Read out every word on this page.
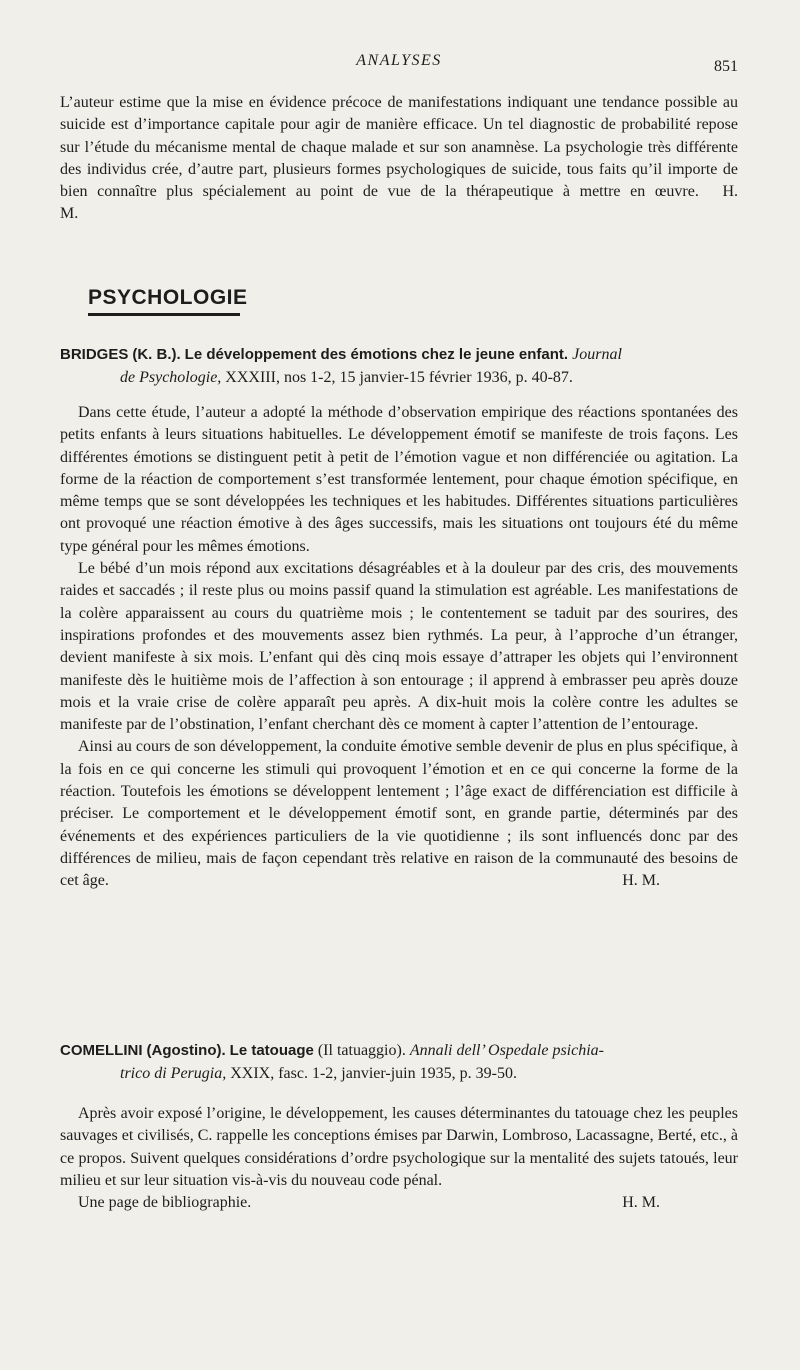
ANALYSES	851

L’auteur estime que la mise en évidence précoce de manifestations indiquant une tendance possible au suicide est d’importance capitale pour agir de manière efficace. Un tel diagnostic de probabilité repose sur l’étude du mécanisme mental de chaque malade et sur son anamnèse. La psychologie très différente des individus crée, d’autre part, plusieurs formes psychologiques de suicide, tous faits qu’il importe de bien connaître plus spécialement au point de vue de la thérapeutique à mettre en œuvre. H. M.

PSYCHOLOGIE
BRIDGES (K. B.). Le développement des émotions chez le jeune enfant. Journal
de Psychologie, XXXIII, nos 1-2, 15 janvier-15 février 1936, p. 40-87.

Dans cette étude, l’auteur a adopté la méthode d’observation empirique des réactions spontanées des petits enfants à leurs situations habituelles. Le développement émotif se manifeste de trois façons. Les différentes émotions se distinguent petit à petit de l’émotion vague et non différenciée ou agitation. La forme de la réaction de comportement s’est transformée lentement, pour chaque émotion spécifique, en même temps que se sont développées les techniques et les habitudes. Différentes situations particulières ont provoqué une réaction émotive à des âges successifs, mais les situations ont toujours été du même type général pour les mêmes émotions.

Le bébé d’un mois répond aux excitations désagréables et à la douleur par des cris, des mouvements raides et saccadés ; il reste plus ou moins passif quand la stimulation est agréable. Les manifestations de la colère apparaissent au cours du quatrième mois ; le contentement se taduit par des sourires, des inspirations profondes et des mouvements assez bien rythmés. La peur, à l’approche d’un étranger, devient manifeste à six mois. L’enfant qui dès cinq mois essaye d’attraper les objets qui l’environnent manifeste dès le huitième mois de l’affection à son entourage ; il apprend à embrasser peu après douze mois et la vraie crise de colère apparaît peu après. A dix-huit mois la colère contre les adultes se manifeste par de l’obstination, l’enfant cherchant dès ce moment à capter l’attention de l’entourage.

Ainsi au cours de son développement, la conduite émotive semble devenir de plus en plus spécifique, à la fois en ce qui concerne les stimuli qui provoquent l’émotion et en ce qui concerne la forme de la réaction. Toutefois les émotions se développent lentement ; l’âge exact de différenciation est difficile à préciser. Le comportement et le développement émotif sont, en grande partie, déterminés par des événements et des expériences particuliers de la vie quotidienne ; ils sont influencés donc par des différences de milieu, mais de façon cependant très relative en raison de la communauté des besoins de cet âge.	H. M.

COMELLINI (Agostino). Le tatouage (Il tatuaggio). Annali dell’ Ospedale psichia-
trico di Perugia, XXIX, fasc. 1-2, janvier-juin 1935, p. 39-50.

Après avoir exposé l’origine, le développement, les causes déterminantes du tatouage chez les peuples sauvages et civilisés, C. rappelle les conceptions émises par Darwin, Lombroso, Lacassagne, Berté, etc., à ce propos. Suivent quelques considérations d’ordre psychologique sur la mentalité des sujets tatoués, leur milieu et sur leur situation vis-à-vis du nouveau code pénal.

Une page de bibliographie.	H. M.
